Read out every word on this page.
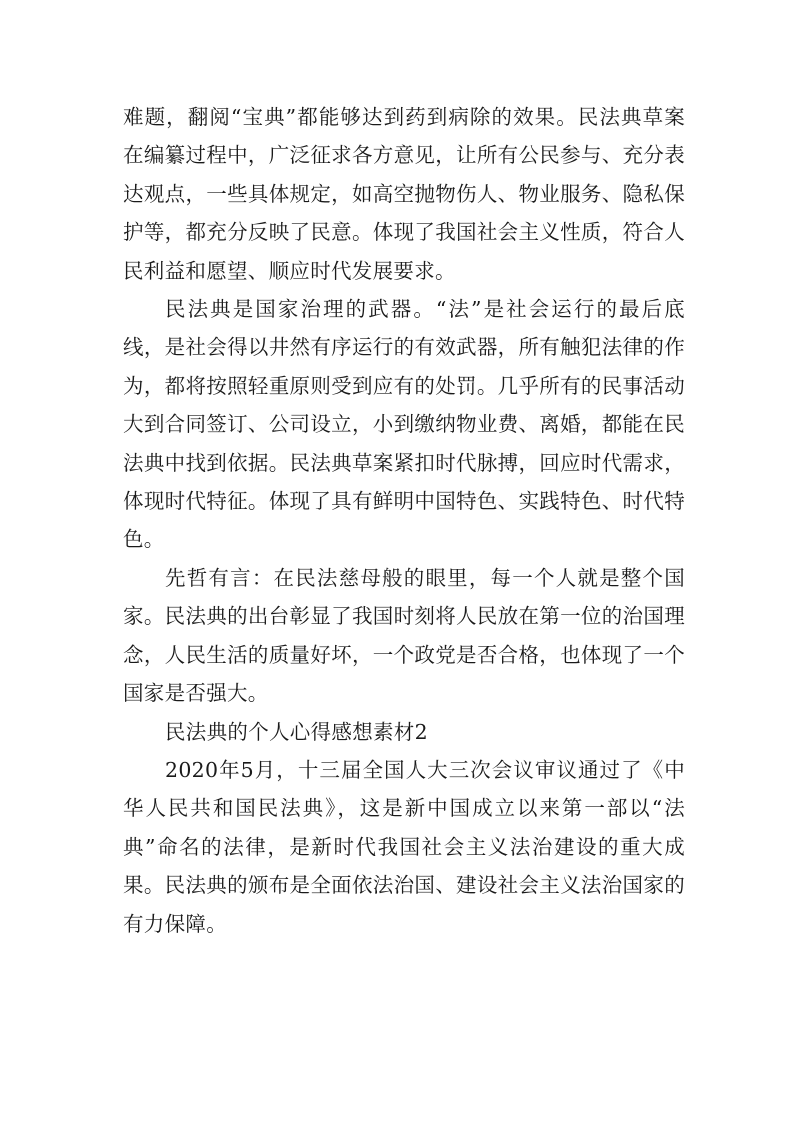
难题，翻阅“宝典”都能够达到药到病除的效果。民法典草案在编纂过程中，广泛征求各方意见，让所有公民参与、充分表达观点，一些具体规定，如高空抛物伤人、物业服务、隐私保护等，都充分反映了民意。体现了我国社会主义性质，符合人民利益和愿望、顺应时代发展要求。

民法典是国家治理的武器。“法”是社会运行的最后底线，是社会得以井然有序运行的有效武器，所有触犯法律的作为，都将按照轻重原则受到应有的处罚。几乎所有的民事活动大到合同签订、公司设立，小到缴纳物业费、离婚，都能在民法典中找到依据。民法典草案紧扣时代脉搏，回应时代需求，体现时代特征。体现了具有鲜明中国特色、实践特色、时代特色。

先哲有言：在民法慈母般的眼里，每一个人就是整个国家。民法典的出台彰显了我国时刻将人民放在第一位的治国理念，人民生活的质量好坏，一个政党是否合格，也体现了一个国家是否强大。

民法典的个人心得感想素材2

2020年5月，十三届全国人大三次会议审议通过了《中华人民共和国民法典》，这是新中国成立以来第一部以“法典”命名的法律，是新时代我国社会主义法治建设的重大成果。民法典的颁布是全面依法治国、建设社会主义法治国家的有力保障。
